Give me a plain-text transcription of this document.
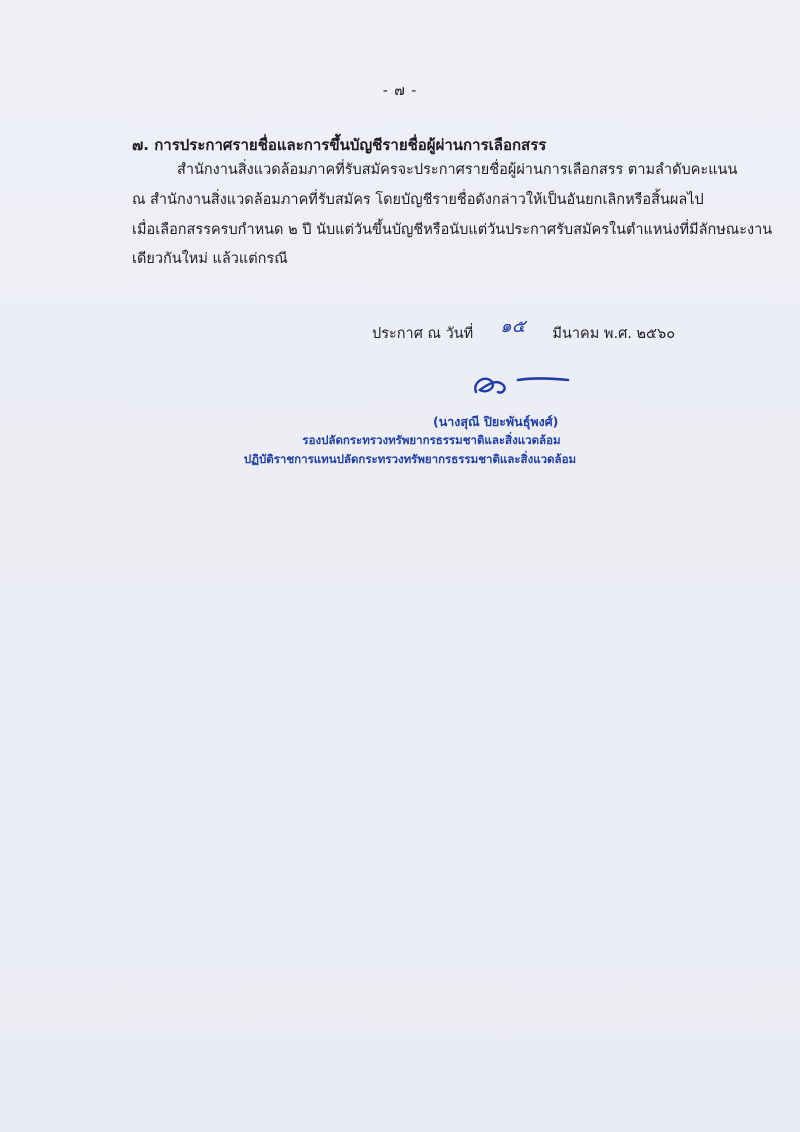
- ๗ -
๗. การประกาศรายชื่อและการขึ้นบัญชีรายชื่อผู้ผ่านการเลือกสรร
สำนักงานสิ่งแวดล้อมภาคที่รับสมัครจะประกาศรายชื่อผู้ผ่านการเลือกสรร ตามลำดับคะแนน
ณ สำนักงานสิ่งแวดล้อมภาคที่รับสมัคร โดยบัญชีรายชื่อดังกล่าวให้เป็นอันยกเลิกหรือสิ้นผลไป
เมื่อเลือกสรรครบกำหนด ๒ ปี นับแต่วันขึ้นบัญชีหรือนับแต่วันประกาศรับสมัครในตำแหน่งที่มีลักษณะงาน
เดียวกันใหม่ แล้วแต่กรณี
ประกาศ ณ วันที่ ๑๕ มีนาคม พ.ศ. ๒๕๖๐
(นางสุณี ปิยะพันธุ์พงศ์)
รองปลัดกระทรวงทรัพยากรธรรมชาติและสิ่งแวดล้อม
ปฏิบัติราชการแทนปลัดกระทรวงทรัพยากรธรรมชาติและสิ่งแวดล้อม
